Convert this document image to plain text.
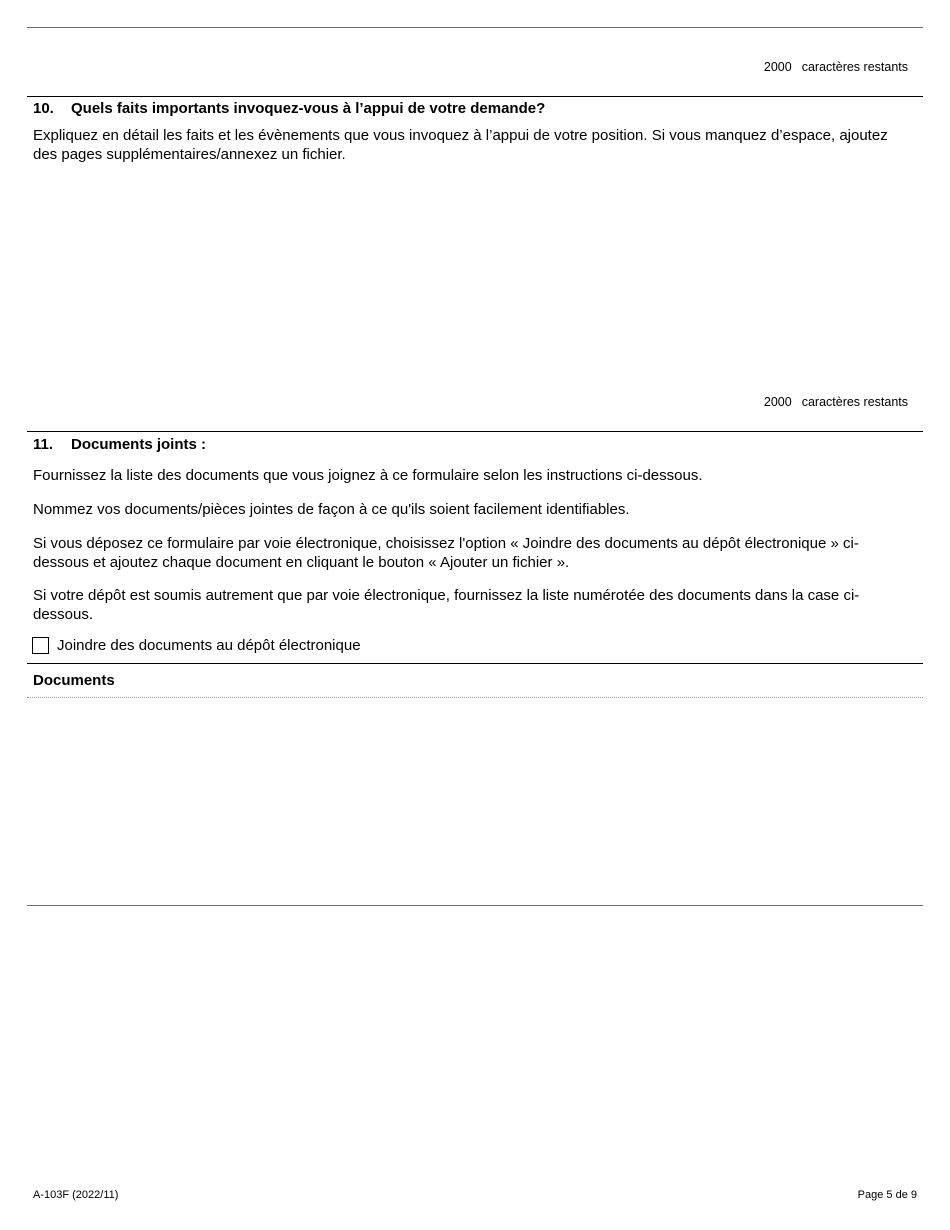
2000 caractères restants
10. Quels faits importants invoquez-vous à l’appui de votre demande?
Expliquez en détail les faits et les évènements que vous invoquez à l’appui de votre position. Si vous manquez d’espace, ajoutez des pages supplémentaires/annexez un fichier.
2000 caractères restants
11. Documents joints :
Fournissez la liste des documents que vous joignez à ce formulaire selon les instructions ci-dessous.
Nommez vos documents/pièces jointes de façon à ce qu'ils soient facilement identifiables.
Si vous déposez ce formulaire par voie électronique, choisissez l'option « Joindre des documents au dépôt électronique » ci-dessous et ajoutez chaque document en cliquant le bouton « Ajouter un fichier ».
Si votre dépôt est soumis autrement que par voie électronique, fournissez la liste numérotée des documents dans la case ci-dessous.
Joindre des documents au dépôt électronique
Documents
A-103F (2022/11)	Page 5 de 9
